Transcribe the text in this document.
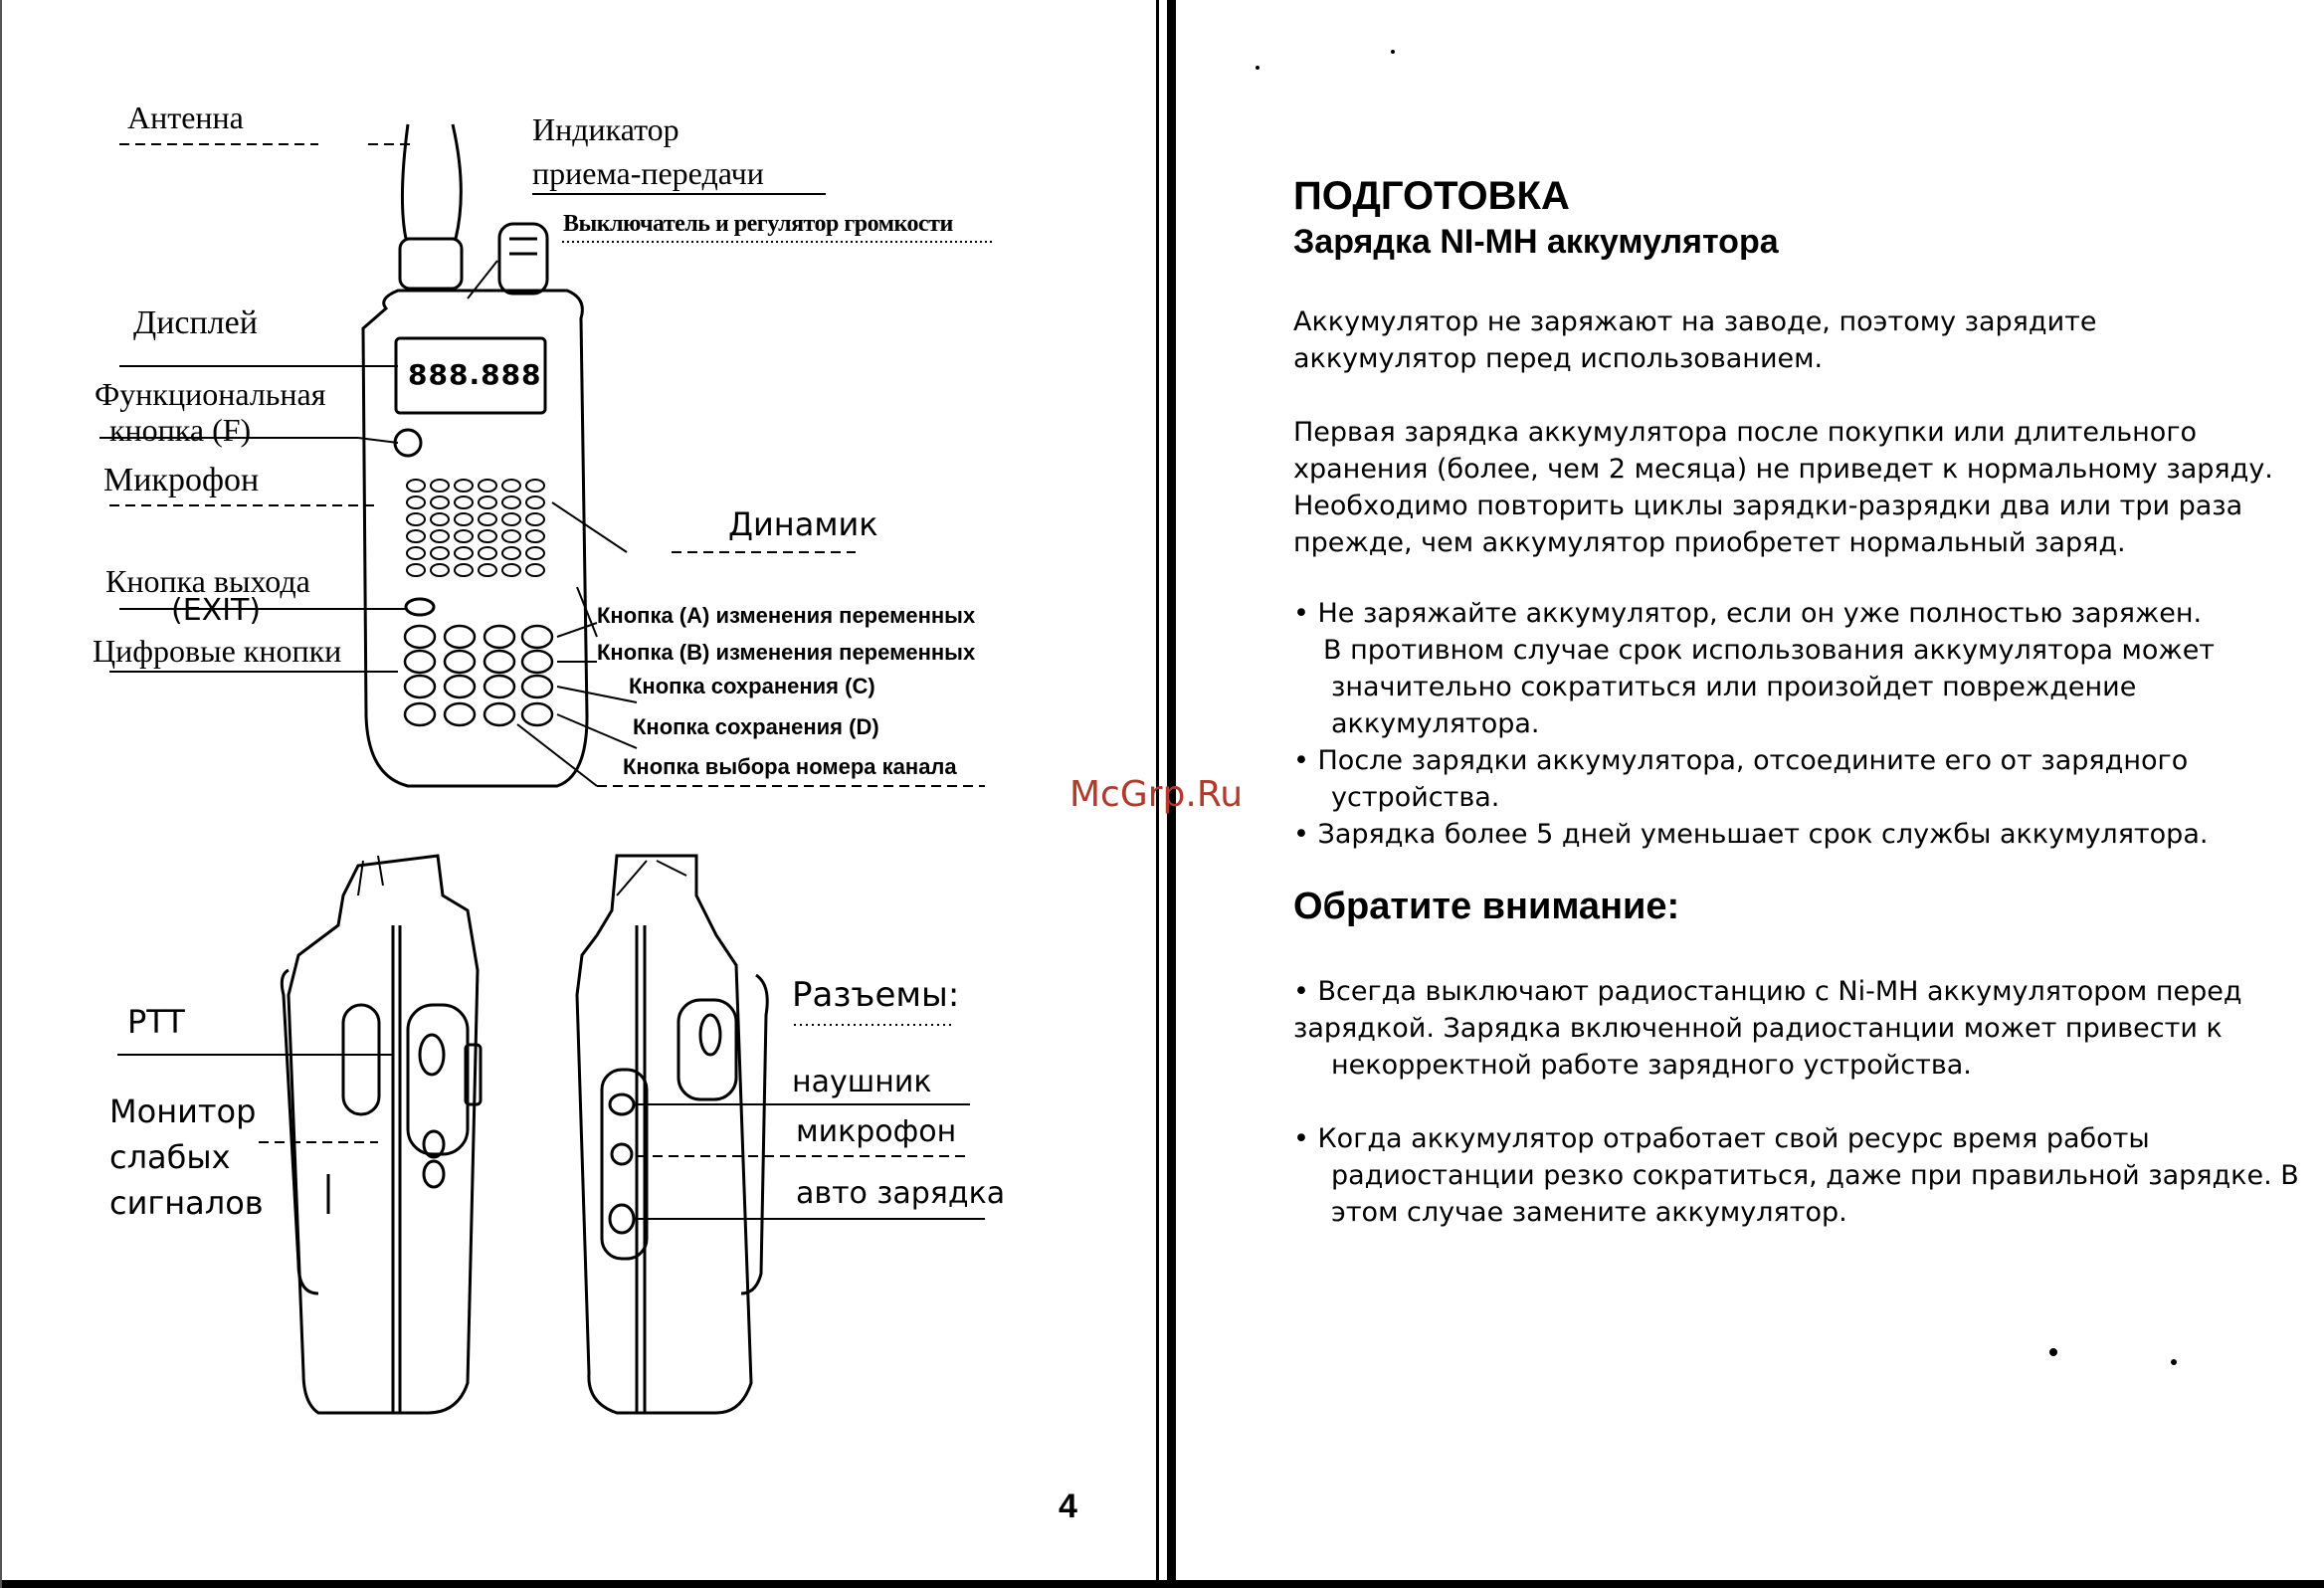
888.888
Антенна	Индикатор
приема-передачи
Выключатель и регулятор громкости
Дисплей
Функциональная
кнопка (F)
Микрофон
Динамик
Кнопка выхода
(EXIT)
Цифровые кнопки
Кнопка (A) изменения переменных
Кнопка (B) изменения переменных
Кнопка сохранения (C)
Кнопка сохранения (D)
Кнопка выбора номера канала
PTT
Монитор
слабых
сигналов
Разъемы:
наушник
микрофон
авто зарядка
4
ПОДГОТОВКА
Зарядка NI-MH аккумулятора

Аккумулятор не заряжают на заводе, поэтому зарядите

аккумулятор перед использованием.

Первая зарядка аккумулятора после покупки или длительного

хранения (более, чем 2 месяца) не приведет к нормальному заряду.

Необходимо повторить циклы зарядки-разрядки два или три раза

прежде, чем аккумулятор приобретет нормальный заряд.

• Не заряжайте аккумулятор, если он уже полностью заряжен.

В противном случае срок использования аккумулятора может

значительно сократиться или произойдет повреждение

аккумулятора.

• После зарядки аккумулятора, отсоедините его от зарядного

устройства.

• Зарядка более 5 дней уменьшает срок службы аккумулятора.

Обратите внимание:

• Всегда выключают радиостанцию с Ni-MH аккумулятором перед

зарядкой. Зарядка включенной радиостанции может привести к

некорректной работе зарядного устройства.

• Когда аккумулятор отработает свой ресурс время работы

радиостанции резко сократиться, даже при правильной зарядке. В

этом случае замените аккумулятор.

McGrp.Ru
